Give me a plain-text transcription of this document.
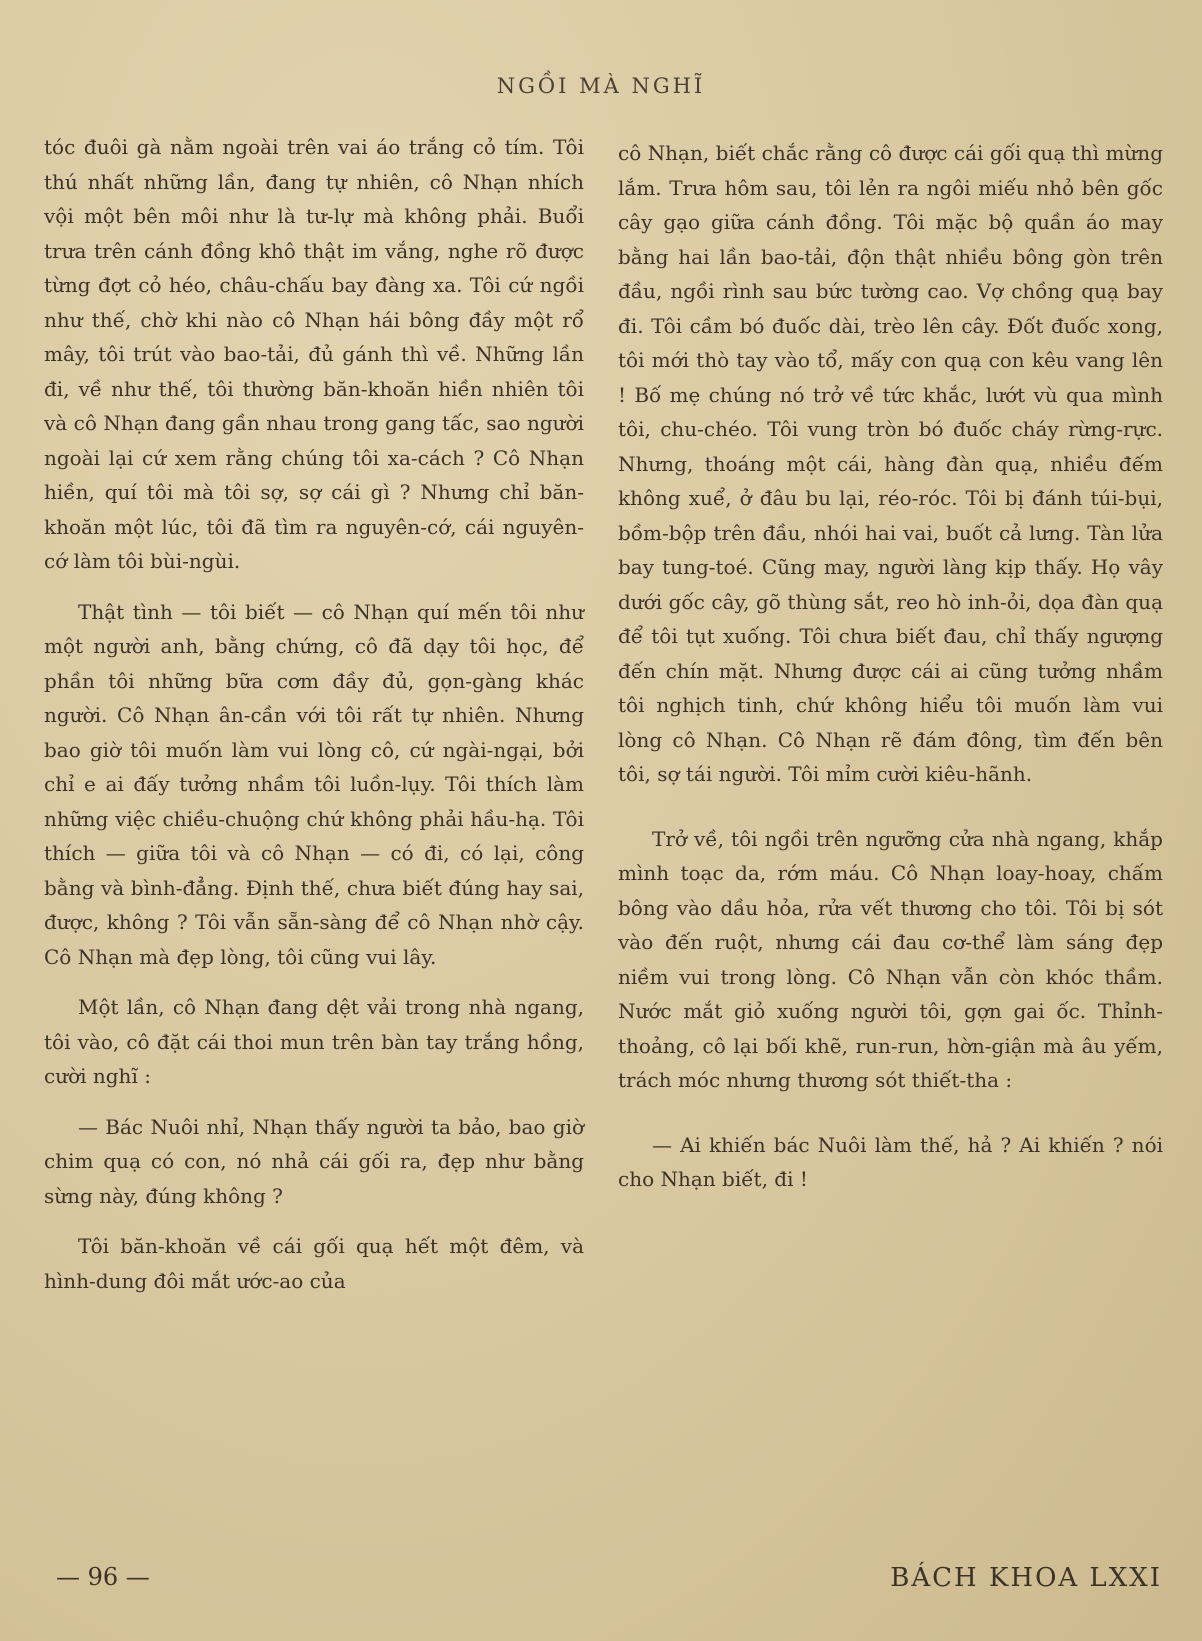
NGỒI MÀ NGHĨ

tóc đuôi gà nằm ngoài trên vai áo trắng cỏ tím. Tôi thú nhất những lần, đang tự nhiên, cô Nhạn nhích vội một bên môi như là tư-lự mà không phải. Buổi trưa trên cánh đồng khô thật im vắng, nghe rõ được từng đợt cỏ héo, châu-chấu bay đàng xa. Tôi cứ ngồi như thế, chờ khi nào cô Nhạn hái bông đầy một rổ mây, tôi trút vào bao-tải, đủ gánh thì về. Những lần đi, về như thế, tôi thường băn-khoăn hiền nhiên tôi và cô Nhạn đang gần nhau trong gang tấc, sao người ngoài lại cứ xem rằng chúng tôi xa-cách ? Cô Nhạn hiền, quí tôi mà tôi sợ, sợ cái gì ? Nhưng chỉ băn-khoăn một lúc, tôi đã tìm ra nguyên-cớ, cái nguyên-cớ làm tôi bùi-ngùi.

Thật tình — tôi biết — cô Nhạn quí mến tôi như một người anh, bằng chứng, cô đã dạy tôi học, để phần tôi những bữa cơm đầy đủ, gọn-gàng khác người. Cô Nhạn ân-cần với tôi rất tự nhiên. Nhưng bao giờ tôi muốn làm vui lòng cô, cứ ngài-ngại, bởi chỉ e ai đấy tưởng nhầm tôi luồn-lụy. Tôi thích làm những việc chiều-chuộng chứ không phải hầu-hạ. Tôi thích — giữa tôi và cô Nhạn — có đi, có lại, công bằng và bình-đẳng. Định thế, chưa biết đúng hay sai, được, không ? Tôi vẫn sẵn-sàng để cô Nhạn nhờ cậy. Cô Nhạn mà đẹp lòng, tôi cũng vui lây.

Một lần, cô Nhạn đang dệt vải trong nhà ngang, tôi vào, cô đặt cái thoi mun trên bàn tay trắng hồng, cười nghĩ :

— Bác Nuôi nhỉ, Nhạn thấy người ta bảo, bao giờ chim quạ có con, nó nhả cái gối ra, đẹp như bằng sừng này, đúng không ?

Tôi băn-khoăn về cái gối quạ hết một đêm, và hình-dung đôi mắt ước-ao của

cô Nhạn, biết chắc rằng cô được cái gối quạ thì mừng lắm. Trưa hôm sau, tôi lẻn ra ngôi miếu nhỏ bên gốc cây gạo giữa cánh đồng. Tôi mặc bộ quần áo may bằng hai lần bao-tải, độn thật nhiều bông gòn trên đầu, ngồi rình sau bức tường cao. Vợ chồng quạ bay đi. Tôi cầm bó đuốc dài, trèo lên cây. Đốt đuốc xong, tôi mới thò tay vào tổ, mấy con quạ con kêu vang lên ! Bố mẹ chúng nó trở về tức khắc, lướt vù qua mình tôi, chu-chéo. Tôi vung tròn bó đuốc cháy rừng-rực. Nhưng, thoáng một cái, hàng đàn quạ, nhiều đếm không xuể, ở đâu bu lại, réo-róc. Tôi bị đánh túi-bụi, bồm-bộp trên đầu, nhói hai vai, buốt cả lưng. Tàn lửa bay tung-toé. Cũng may, người làng kịp thấy. Họ vây dưới gốc cây, gõ thùng sắt, reo hò inh-ỏi, dọa đàn quạ để tôi tụt xuống. Tôi chưa biết đau, chỉ thấy ngượng đến chín mặt. Nhưng được cái ai cũng tưởng nhầm tôi nghịch tinh, chứ không hiểu tôi muốn làm vui lòng cô Nhạn. Cô Nhạn rẽ đám đông, tìm đến bên tôi, sợ tái người. Tôi mỉm cười kiêu-hãnh.

Trở về, tôi ngồi trên ngưỡng cửa nhà ngang, khắp mình toạc da, rớm máu. Cô Nhạn loay-hoay, chấm bông vào dầu hỏa, rửa vết thương cho tôi. Tôi bị sót vào đến ruột, nhưng cái đau cơ-thể làm sáng đẹp niềm vui trong lòng. Cô Nhạn vẫn còn khóc thầm. Nước mắt giỏ xuống người tôi, gợn gai ốc. Thỉnh-thoảng, cô lại bối khẽ, run-run, hờn-giận mà âu yếm, trách móc nhưng thương sót thiết-tha :

— Ai khiến bác Nuôi làm thế, hả ? Ai khiến ? nói cho Nhạn biết, đi !

— 96 —	BÁCH KHOA LXXI
